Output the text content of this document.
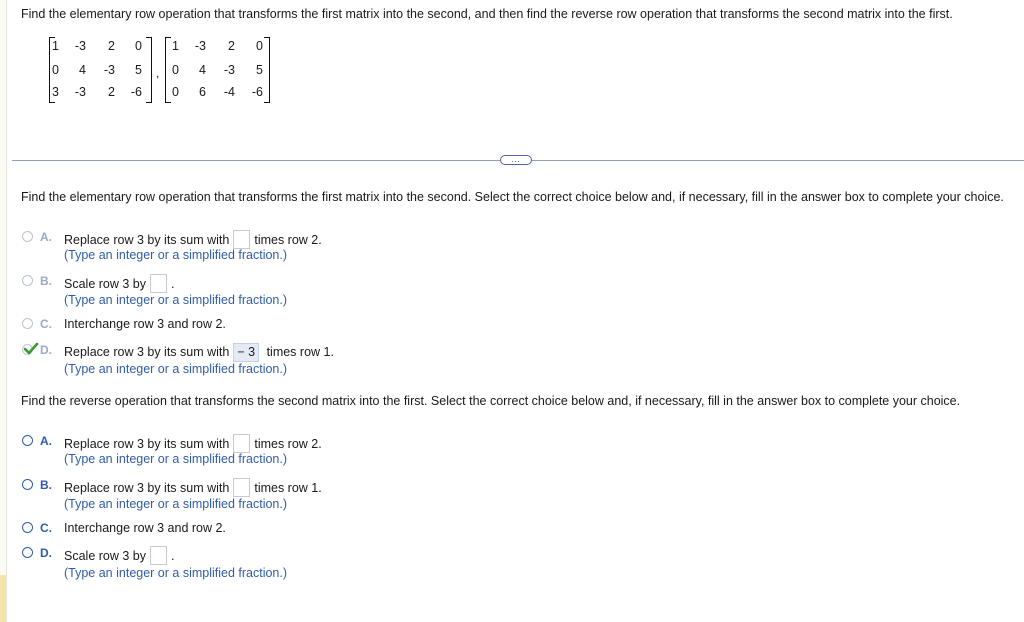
Find the elementary row operation that transforms the first matrix into the second, and then find the reverse row operation that transforms the second matrix into the first.
1	-3	2	0
0	4	-3	5
3	-3	2	-6
,
1	-3	2	0
0	4	-3	5
0	6	-4	-6
…
Find the elementary row operation that transforms the first matrix into the second. Select the correct choice below and, if necessary, fill in the answer box to complete your choice.
A. Replace row 3 by its sum with times row 2.
(Type an integer or a simplified fraction.)
B. Scale row 3 by .
(Type an integer or a simplified fraction.)
C. Interchange row 3 and row 2.
D. Replace row 3 by its sum with − 3 times row 1.
(Type an integer or a simplified fraction.)
Find the reverse operation that transforms the second matrix into the first. Select the correct choice below and, if necessary, fill in the answer box to complete your choice.
A. Replace row 3 by its sum with times row 2.
(Type an integer or a simplified fraction.)
B. Replace row 3 by its sum with times row 1.
(Type an integer or a simplified fraction.)
C. Interchange row 3 and row 2.
D. Scale row 3 by .
(Type an integer or a simplified fraction.)
